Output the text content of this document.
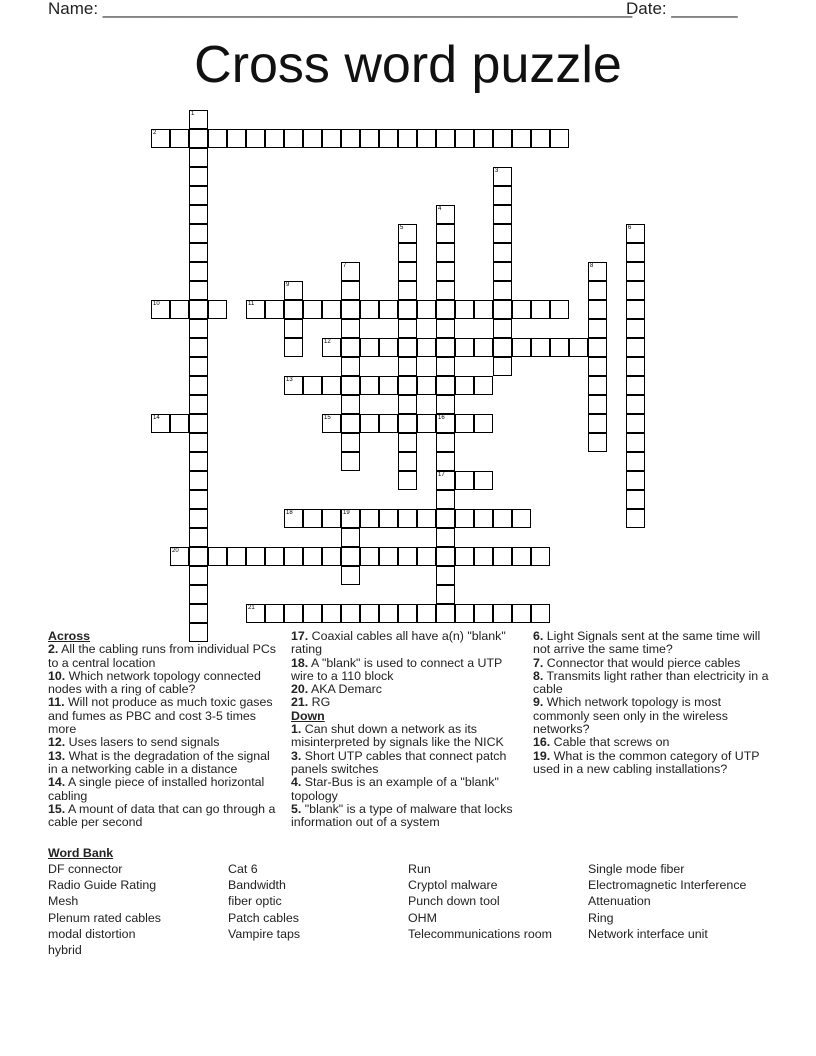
Name: ________________________________________________________
Date: _______
Cross word puzzle
1
2
3
4
16
5	6
7	8
9
10	11
12
13
14	15
17
18	19
20
21

Across

2. All the cabling runs from individual PCs to a central location

10. Which network topology connected nodes with a ring of cable?

11. Will not produce as much toxic gases and fumes as PBC and cost 3-5 times more

12. Uses lasers to send signals

13. What is the degradation of the signal in a networking cable in a distance

14. A single piece of installed horizontal cabling

15. A mount of data that can go through a cable per second

17. Coaxial cables all have a(n) "blank" rating

18. A "blank" is used to connect a UTP wire to a 110 block

20. AKA Demarc

21. RG

Down

1. Can shut down a network as its misinterpreted by signals like the NICK

3. Short UTP cables that connect patch panels switches

4. Star-Bus is an example of a "blank" topology

5. "blank" is a type of malware that locks information out of a system

6. Light Signals sent at the same time will not arrive the same time?

7. Connector that would pierce cables

8. Transmits light rather than electricity in a cable

9. Which network topology is most commonly seen only in the wireless networks?

16. Cable that screws on

19. What is the common category of UTP used in a new cabling installations?

Word Bank

DF connector

Radio Guide Rating

Mesh

Plenum rated cables

modal distortion

hybrid

Cat 6

Bandwidth

fiber optic

Patch cables

Vampire taps

Run

Cryptol malware

Punch down tool

OHM

Telecommunications room

Single mode fiber

Electromagnetic Interference

Attenuation

Ring

Network interface unit
